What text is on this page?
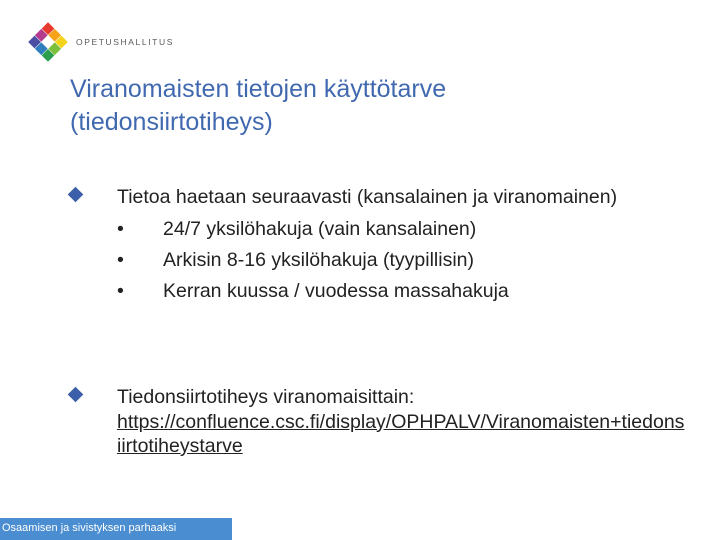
OPETUSHALLITUS
Viranomaisten tietojen käyttötarve
(tiedonsiirtotiheys)
Tietoa haetaan seuraavasti (kansalainen ja viranomainen)
• 24/7 yksilöhakuja (vain kansalainen)
• Arkisin 8-16 yksilöhakuja (tyypillisin)
• Kerran kuussa / vuodessa massahakuja
Tiedonsiirtotiheys viranomaisittain:
https://confluence.csc.fi/display/OPHPALV/Viranomaisten+tiedonsiirtotiheystarve
Osaamisen ja sivistyksen parhaaksi
